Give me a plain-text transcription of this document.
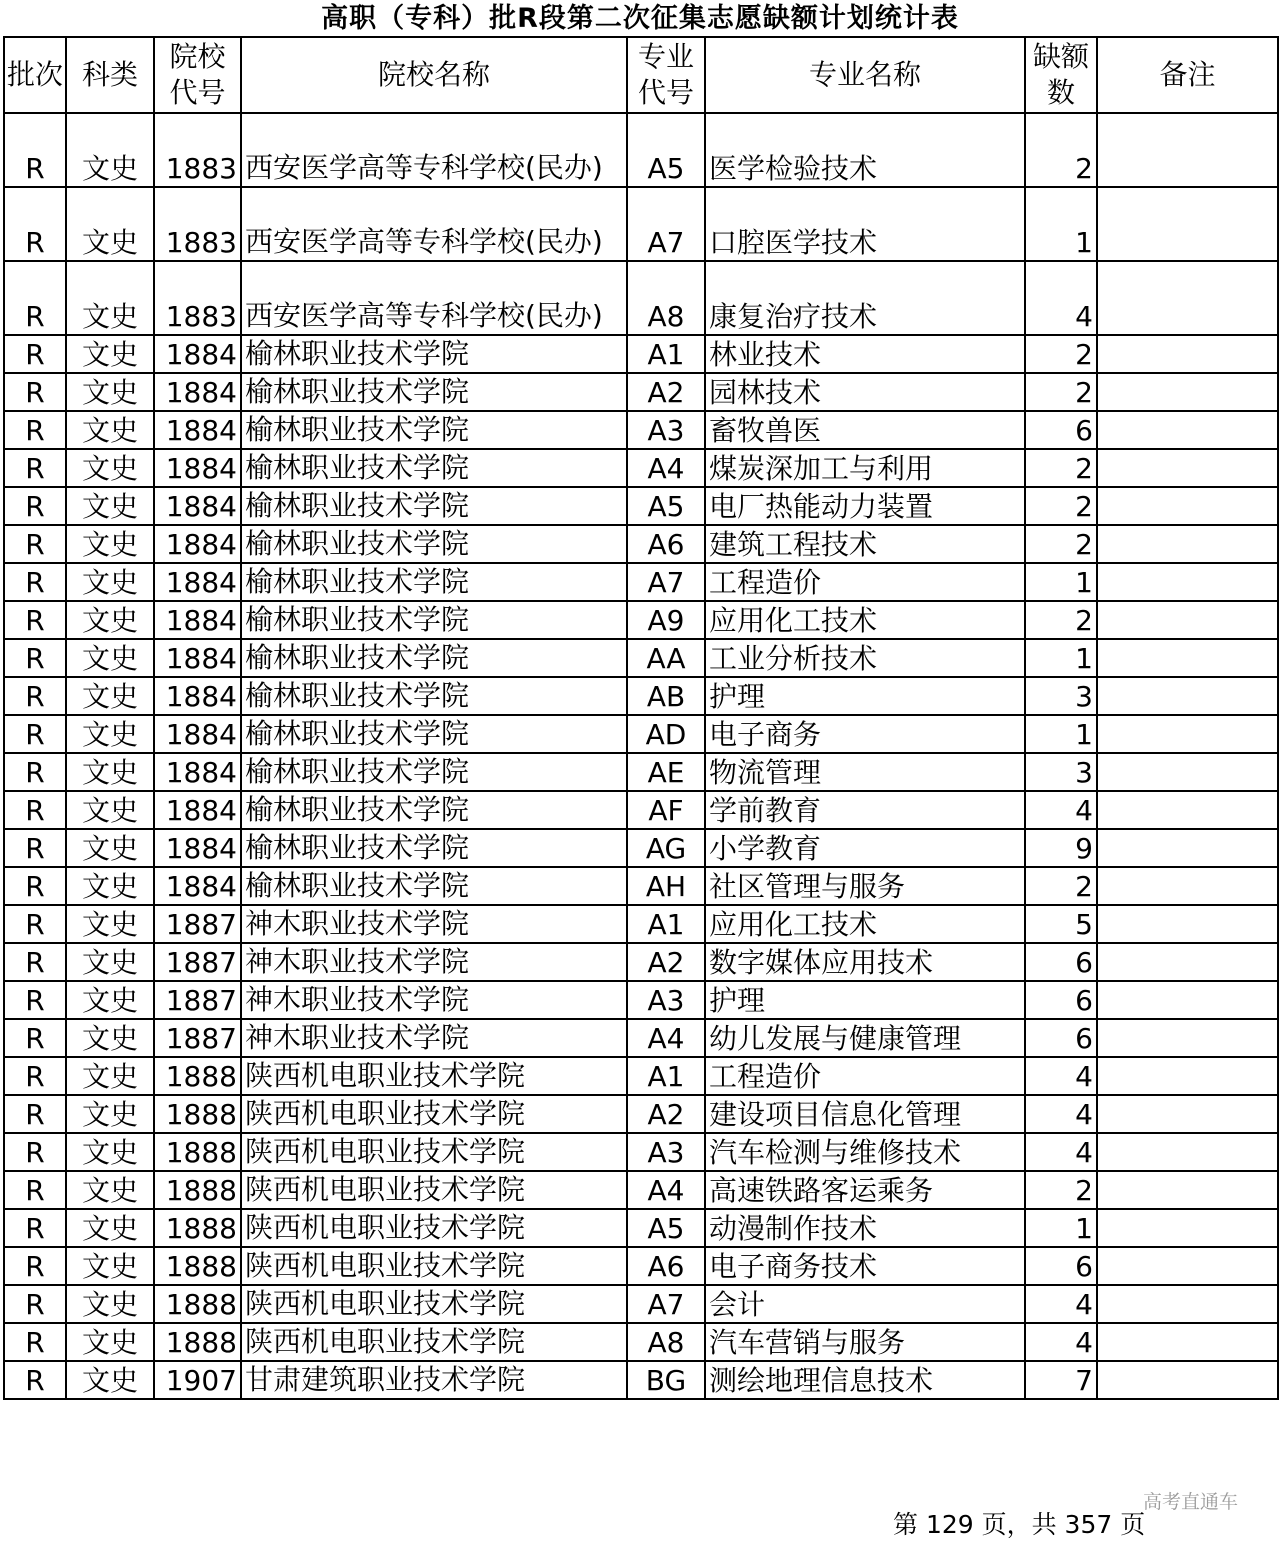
高职（专科）批R段第二次征集志愿缺额计划统计表
批次	科类	院校代号	院校名称	专业代号	专业名称	缺额数	备注
R	文史	1883	西安医学高等专科学校(民办)	A5	医学检验技术	2	
R	文史	1883	西安医学高等专科学校(民办)	A7	口腔医学技术	1	
R	文史	1883	西安医学高等专科学校(民办)	A8	康复治疗技术	4	
R	文史	1884	榆林职业技术学院	A1	林业技术	2	
R	文史	1884	榆林职业技术学院	A2	园林技术	2	
R	文史	1884	榆林职业技术学院	A3	畜牧兽医	6	
R	文史	1884	榆林职业技术学院	A4	煤炭深加工与利用	2	
R	文史	1884	榆林职业技术学院	A5	电厂热能动力装置	2	
R	文史	1884	榆林职业技术学院	A6	建筑工程技术	2	
R	文史	1884	榆林职业技术学院	A7	工程造价	1	
R	文史	1884	榆林职业技术学院	A9	应用化工技术	2	
R	文史	1884	榆林职业技术学院	AA	工业分析技术	1	
R	文史	1884	榆林职业技术学院	AB	护理	3	
R	文史	1884	榆林职业技术学院	AD	电子商务	1	
R	文史	1884	榆林职业技术学院	AE	物流管理	3	
R	文史	1884	榆林职业技术学院	AF	学前教育	4	
R	文史	1884	榆林职业技术学院	AG	小学教育	9	
R	文史	1884	榆林职业技术学院	AH	社区管理与服务	2	
R	文史	1887	神木职业技术学院	A1	应用化工技术	5	
R	文史	1887	神木职业技术学院	A2	数字媒体应用技术	6	
R	文史	1887	神木职业技术学院	A3	护理	6	
R	文史	1887	神木职业技术学院	A4	幼儿发展与健康管理	6	
R	文史	1888	陕西机电职业技术学院	A1	工程造价	4	
R	文史	1888	陕西机电职业技术学院	A2	建设项目信息化管理	4	
R	文史	1888	陕西机电职业技术学院	A3	汽车检测与维修技术	4	
R	文史	1888	陕西机电职业技术学院	A4	高速铁路客运乘务	2	
R	文史	1888	陕西机电职业技术学院	A5	动漫制作技术	1	
R	文史	1888	陕西机电职业技术学院	A6	电子商务技术	6	
R	文史	1888	陕西机电职业技术学院	A7	会计	4	
R	文史	1888	陕西机电职业技术学院	A8	汽车营销与服务	4	
R	文史	1907	甘肃建筑职业技术学院	BG	测绘地理信息技术	7	
高考直通车
第 129 页，共 357 页
